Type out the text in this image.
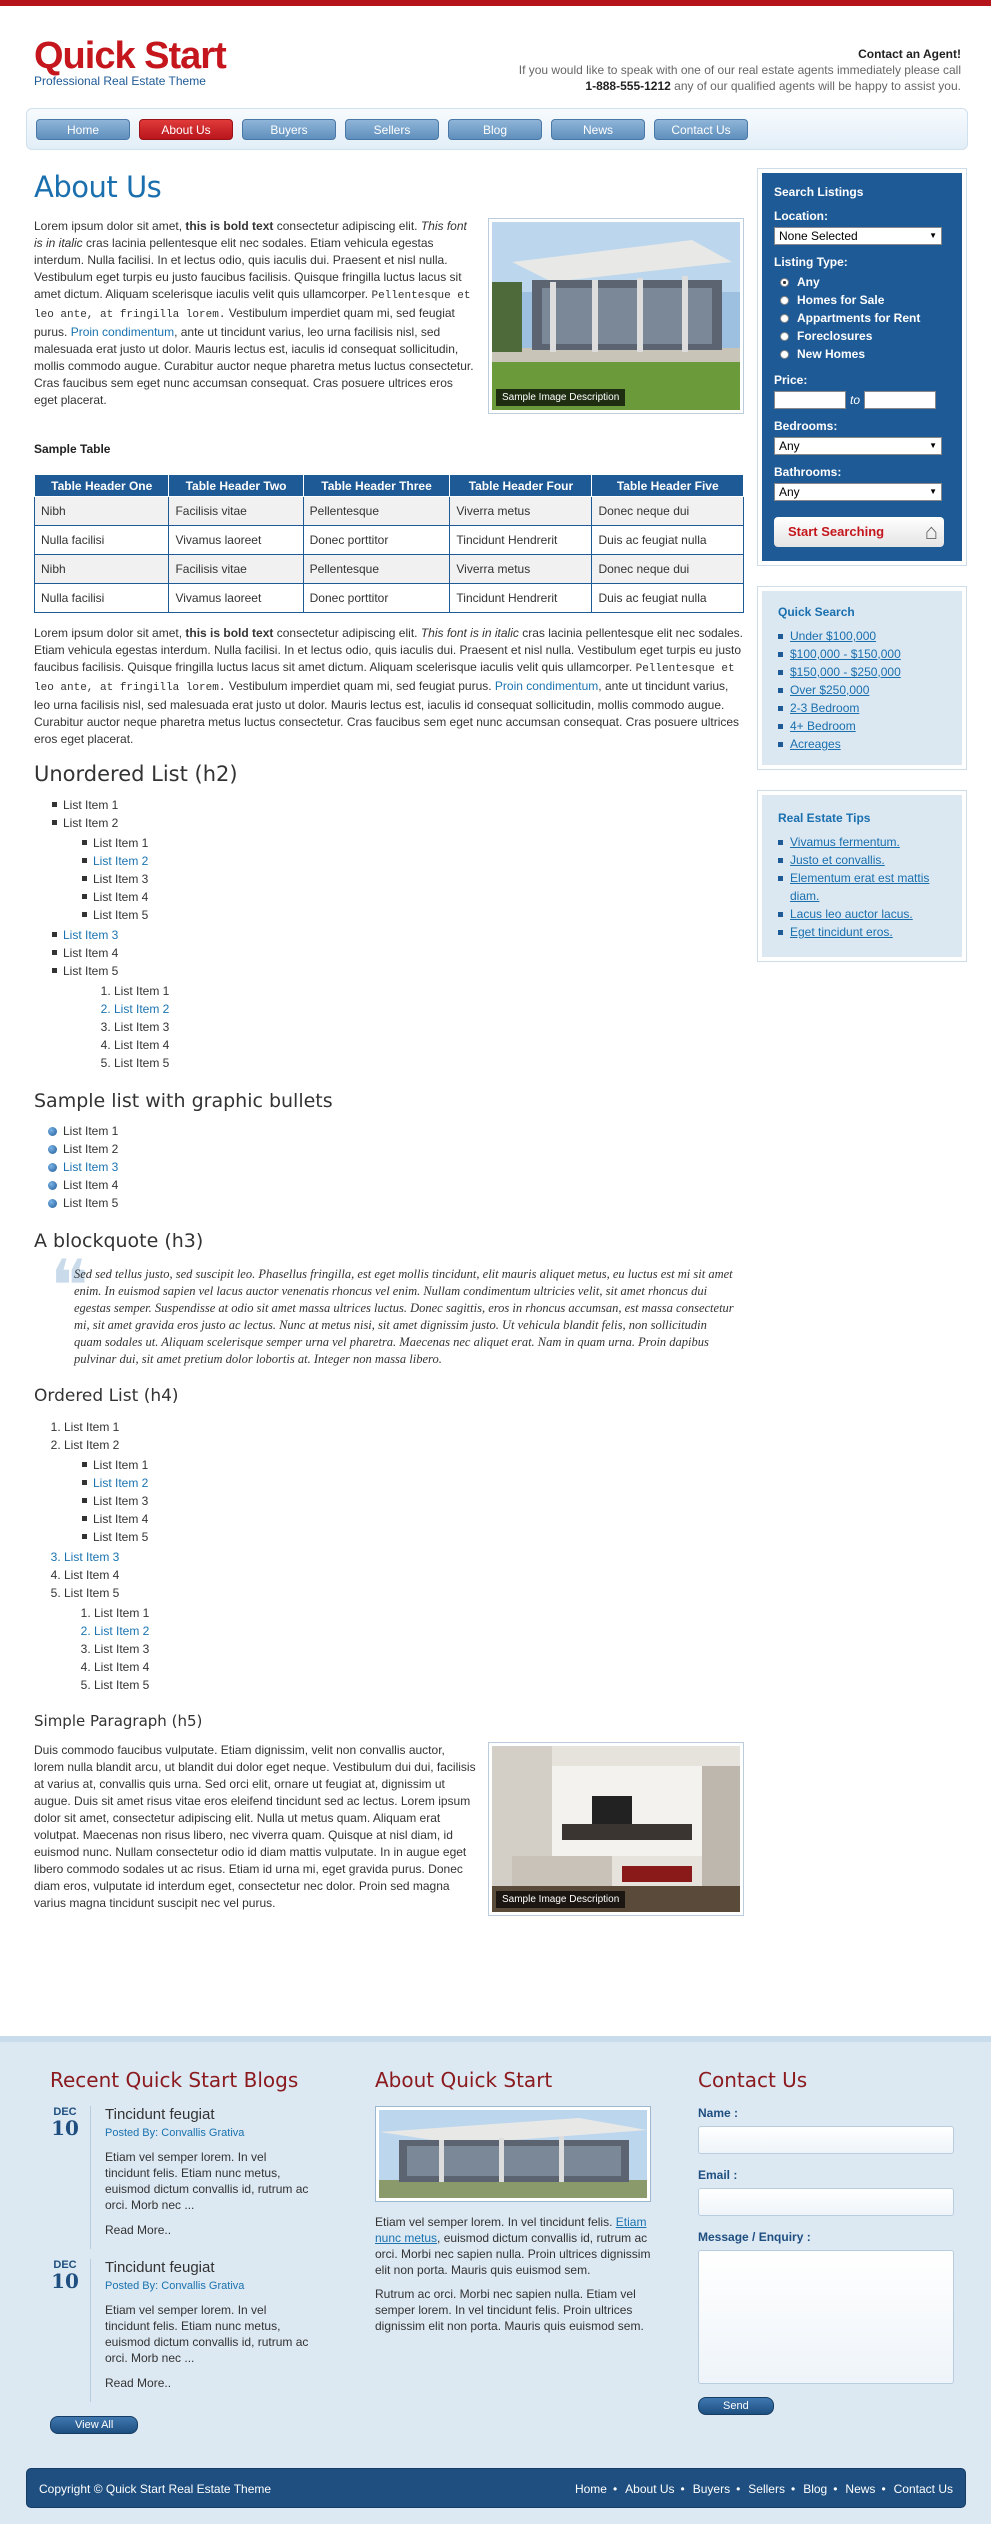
Quick Start
Professional Real Estate Theme
Contact an Agent!
If you would like to speak with one of our real estate agents immediately please call
1-888-555-1212 any of our qualified agents will be happy to assist you.
Home	About Us	Buyers	Sellers	Blog	News	Contact Us
About Us
Sample Image Description

Lorem ipsum dolor sit amet, this is bold text consectetur adipiscing elit. This font is in italic cras lacinia pellentesque elit nec sodales. Etiam vehicula egestas interdum. Nulla facilisi. In et lectus odio, quis iaculis dui. Praesent et nisl nulla. Vestibulum eget turpis eu justo faucibus facilisis. Quisque fringilla luctus lacus sit amet dictum. Aliquam scelerisque iaculis velit quis ullamcorper. Pellentesque et leo ante, at fringilla lorem. Vestibulum imperdiet quam mi, sed feugiat purus. Proin condimentum, ante ut tincidunt varius, leo urna facilisis nisl, sed malesuada erat justo ut dolor. Mauris lectus est, iaculis id consequat sollicitudin, mollis commodo augue. Curabitur auctor neque pharetra metus luctus consectetur. Cras faucibus sem eget nunc accumsan consequat. Cras posuere ultrices eros eget placerat.

Sample Table
Table Header One	Table Header Two	Table Header Three	Table Header Four	Table Header Five
Nibh	Facilisis vitae	Pellentesque	Viverra metus	Donec neque dui
Nulla facilisi	Vivamus laoreet	Donec porttitor	Tincidunt Hendrerit	Duis ac feugiat nulla
Nibh	Facilisis vitae	Pellentesque	Viverra metus	Donec neque dui
Nulla facilisi	Vivamus laoreet	Donec porttitor	Tincidunt Hendrerit	Duis ac feugiat nulla

Lorem ipsum dolor sit amet, this is bold text consectetur adipiscing elit. This font is in italic cras lacinia pellentesque elit nec sodales. Etiam vehicula egestas interdum. Nulla facilisi. In et lectus odio, quis iaculis dui. Praesent et nisl nulla. Vestibulum eget turpis eu justo faucibus facilisis. Quisque fringilla luctus lacus sit amet dictum. Aliquam scelerisque iaculis velit quis ullamcorper. Pellentesque et leo ante, at fringilla lorem. Vestibulum imperdiet quam mi, sed feugiat purus. Proin condimentum, ante ut tincidunt varius, leo urna facilisis nisl, sed malesuada erat justo ut dolor. Mauris lectus est, iaculis id consequat sollicitudin, mollis commodo augue. Curabitur auctor neque pharetra metus luctus consectetur. Cras faucibus sem eget nunc accumsan consequat. Cras posuere ultrices eros eget placerat.

Unordered List (h2)
List Item 1
List Item 2
List Item 1
List Item 2
List Item 3
List Item 4
List Item 5
List Item 3
List Item 4
List Item 5
1. List Item 1
2. List Item 2
3. List Item 3
4. List Item 4
5. List Item 5
Sample list with graphic bullets
List Item 1
List Item 2
List Item 3
List Item 4
List Item 5
A blockquote (h3)
❝
Sed sed tellus justo, sed suscipit leo. Phasellus fringilla, est eget mollis tincidunt, elit mauris aliquet metus, eu luctus est mi sit amet enim. In euismod sapien vel lacus auctor venenatis rhoncus vel enim. Nullam condimentum ultricies velit, sit amet rhoncus dui egestas semper. Suspendisse at odio sit amet massa ultrices luctus. Donec sagittis, eros in rhoncus accumsan, est massa consectetur mi, sit amet gravida eros justo ac lectus. Nunc at metus nisi, sit amet dignissim justo. Ut vehicula blandit felis, non sollicitudin quam sodales ut. Aliquam scelerisque semper urna vel pharetra. Maecenas nec aliquet erat. Nam in quam urna. Proin dapibus pulvinar dui, sit amet pretium dolor lobortis at. Integer non massa libero.
Ordered List (h4)
1. List Item 1
2. List Item 2
List Item 1
List Item 2
List Item 3
List Item 4
List Item 5
3. List Item 3
4. List Item 4
5. List Item 5
1. List Item 1
2. List Item 2
3. List Item 3
4. List Item 4
5. List Item 5
Simple Paragraph (h5)
Sample Image Description

Duis commodo faucibus vulputate. Etiam dignissim, velit non convallis auctor, lorem nulla blandit arcu, ut blandit dui dolor eget neque. Vestibulum dui dui, facilisis at varius at, convallis quis urna. Sed orci elit, ornare ut feugiat at, dignissim ut augue. Duis sit amet risus vitae eros eleifend tincidunt sed ac lectus. Lorem ipsum dolor sit amet, consectetur adipiscing elit. Nulla ut metus quam. Aliquam erat volutpat. Maecenas non risus libero, nec viverra quam. Quisque at nisl diam, id euismod nunc. Nullam consectetur odio id diam mattis vulputate. In in augue eget libero commodo sodales ut ac risus. Etiam id urna mi, eget gravida purus. Donec diam eros, vulputate id interdum eget, consectetur nec dolor. Proin sed magna varius magna tincidunt suscipit nec vel purus.

Search Listings
Location:
None Selected ▼
Listing Type:
Any
Homes for Sale
Appartments for Rent
Foreclosures
New Homes
Price:
to
Bedrooms:
Any ▼
Bathrooms:
Any ▼
Start Searching ⌂
Quick Search
Under $100,000
$100,000 - $150,000
$150,000 - $250,000
Over $250,000
2-3 Bedroom
4+ Bedroom
Acreages
Real Estate Tips
Vivamus fermentum.
Justo et convallis.
Elementum erat est mattis diam.
Lacus leo auctor lacus.
Eget tincidunt eros.
Recent Quick Start Blogs
DEC
10
Tincidunt feugiat
Posted By: Convallis Grativa

Etiam vel semper lorem. In vel tincidunt felis. Etiam nunc metus, euismod dictum convallis id, rutrum ac orci. Morb nec ...

Read More..
DEC
10
Tincidunt feugiat
Posted By: Convallis Grativa

Etiam vel semper lorem. In vel tincidunt felis. Etiam nunc metus, euismod dictum convallis id, rutrum ac orci. Morb nec ...

Read More..
View All
About Quick Start

Etiam vel semper lorem. In vel tincidunt felis. Etiam nunc metus, euismod dictum convallis id, rutrum ac orci. Morbi nec sapien nulla. Proin ultrices dignissim elit non porta. Mauris quis euismod sem.

Rutrum ac orci. Morbi nec sapien nulla. Etiam vel semper lorem. In vel tincidunt felis. Proin ultrices dignissim elit non porta. Mauris quis euismod sem.

Contact Us
Name :
Email :
Message / Enquiry :
Send
Copyright © Quick Start Real Estate Theme	Home • About Us • Buyers • Sellers • Blog • News • Contact Us
